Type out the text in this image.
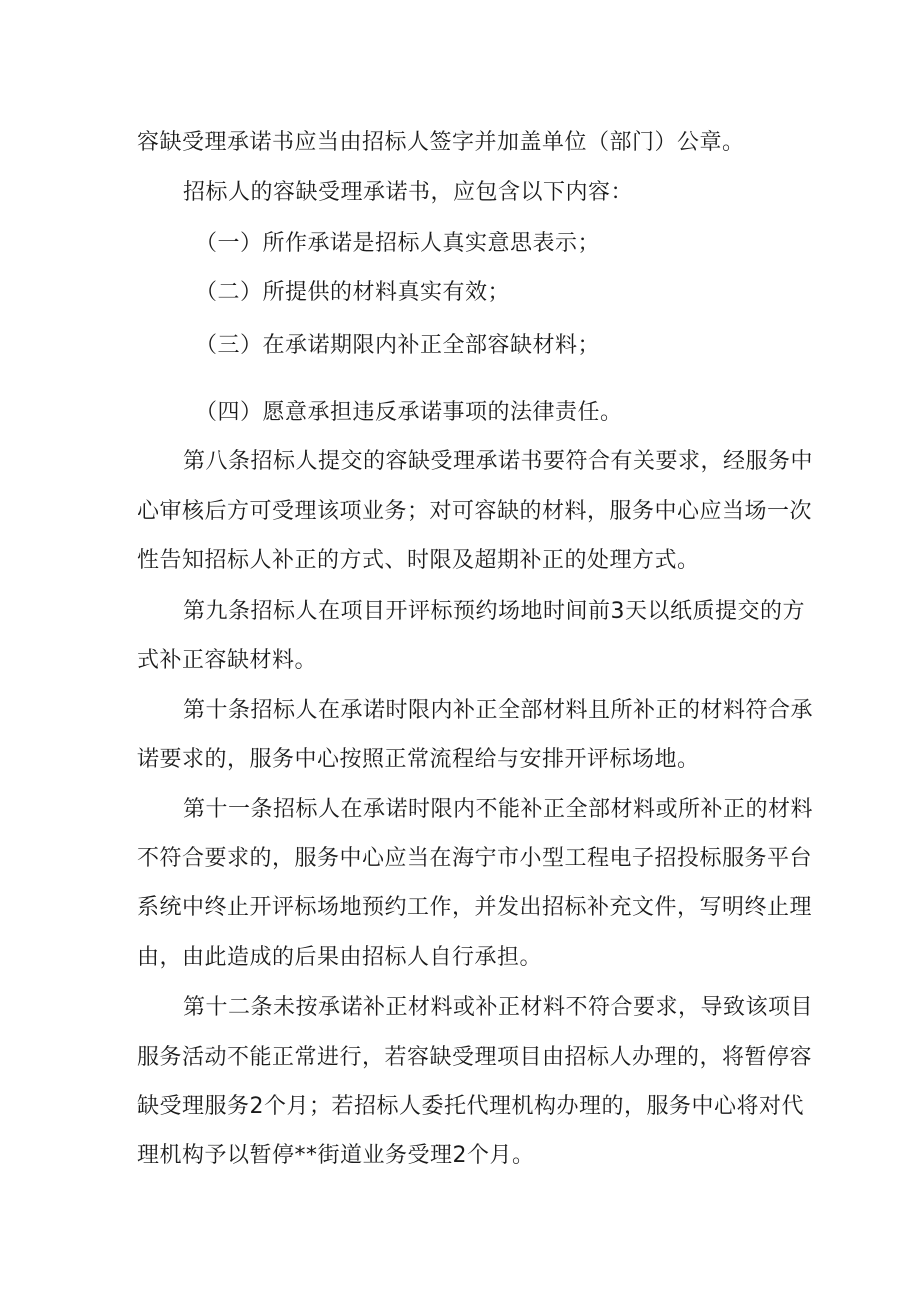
容缺受理承诺书应当由招标人签字并加盖单位（部门）公章。
招标人的容缺受理承诺书，应包含以下内容：
（一）所作承诺是招标人真实意思表示；
（二）所提供的材料真实有效；
（三）在承诺期限内补正全部容缺材料；
（四）愿意承担违反承诺事项的法律责任。
第八条招标人提交的容缺受理承诺书要符合有关要求，经服务中
心审核后方可受理该项业务；对可容缺的材料，服务中心应当场一次
性告知招标人补正的方式、时限及超期补正的处理方式。
第九条招标人在项目开评标预约场地时间前3天以纸质提交的方
式补正容缺材料。
第十条招标人在承诺时限内补正全部材料且所补正的材料符合承
诺要求的，服务中心按照正常流程给与安排开评标场地。
第十一条招标人在承诺时限内不能补正全部材料或所补正的材料
不符合要求的，服务中心应当在海宁市小型工程电子招投标服务平台
系统中终止开评标场地预约工作，并发出招标补充文件，写明终止理
由，由此造成的后果由招标人自行承担。
第十二条未按承诺补正材料或补正材料不符合要求，导致该项目
服务活动不能正常进行，若容缺受理项目由招标人办理的，将暂停容
缺受理服务2个月；若招标人委托代理机构办理的，服务中心将对代
理机构予以暂停**街道业务受理2个月。
